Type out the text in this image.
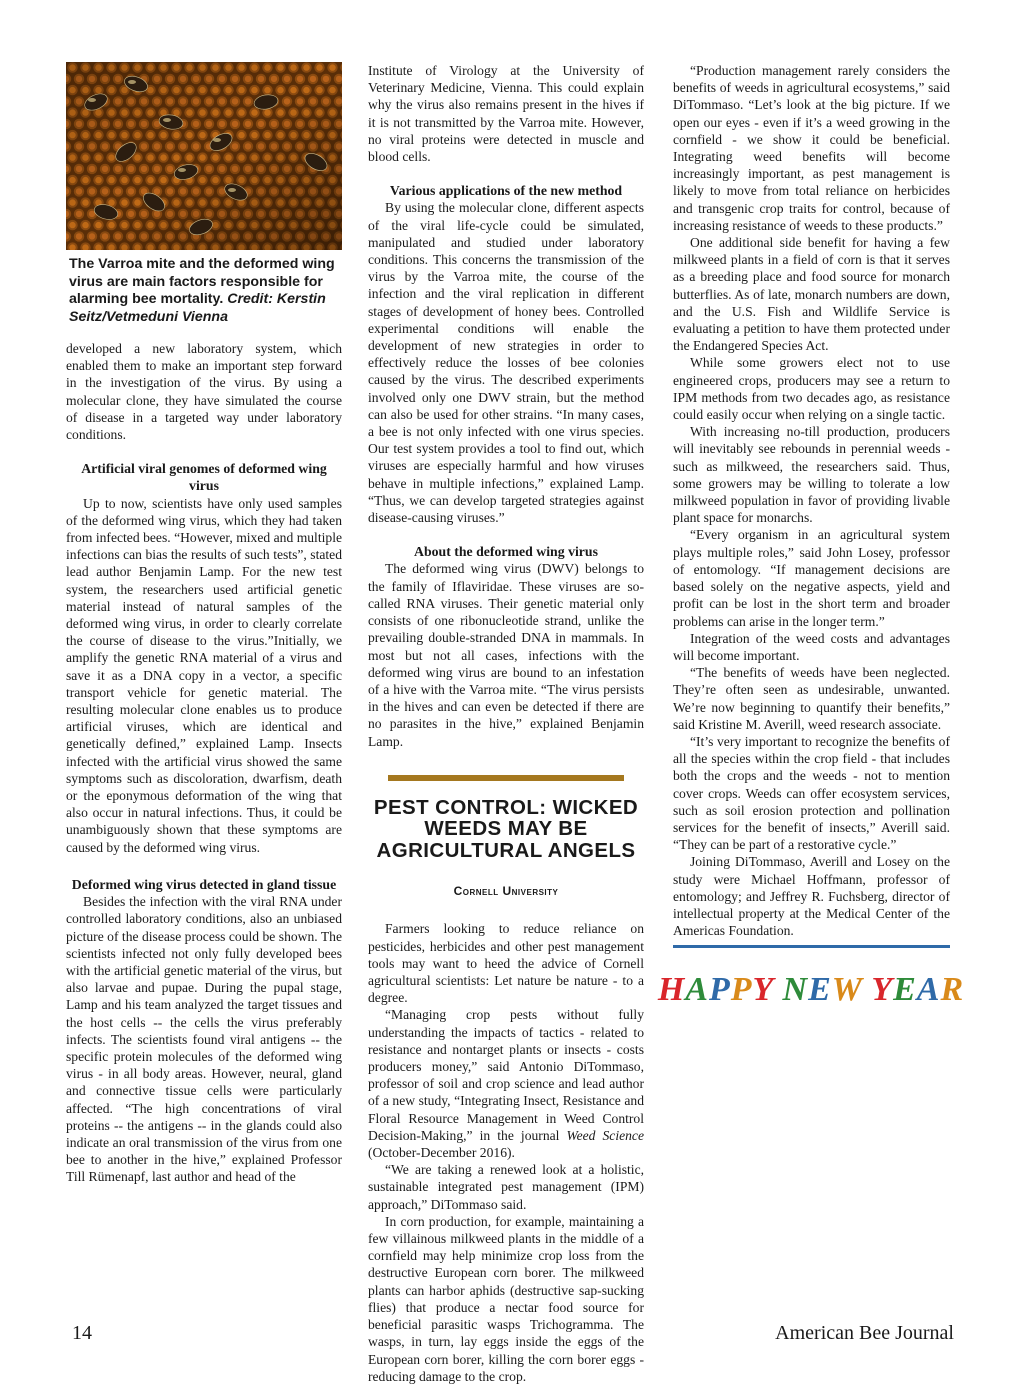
The Varroa mite and the deformed wing virus are main factors responsible for alarming bee mortality. Credit: Kerstin Seitz/Vetmeduni Vienna

developed a new laboratory system, which enabled them to make an important step forward in the investigation of the virus. By using a molecular clone, they have simulated the course of disease in a targeted way under laboratory conditions.

Artificial viral genomes of deformed wing virus

Up to now, scientists have only used samples of the deformed wing virus, which they had taken from infected bees. “However, mixed and multiple infections can bias the results of such tests”, stated lead author Benjamin Lamp. For the new test system, the researchers used artificial genetic material instead of natural samples of the deformed wing virus, in order to clearly correlate the course of disease to the virus.”Initially, we amplify the genetic RNA material of a virus and save it as a DNA copy in a vector, a specific transport vehicle for genetic material. The resulting molecular clone enables us to produce artificial viruses, which are identical and genetically defined,” explained Lamp. Insects infected with the artificial virus showed the same symptoms such as discoloration, dwarfism, death or the eponymous deformation of the wing that also occur in natural infections. Thus, it could be unambiguously shown that these symptoms are caused by the deformed wing virus.

Deformed wing virus detected in gland tissue

Besides the infection with the viral RNA under controlled laboratory conditions, also an unbiased picture of the disease process could be shown. The scientists infected not only fully developed bees with the artificial genetic material of the virus, but also larvae and pupae. During the pupal stage, Lamp and his team analyzed the target tissues and the host cells -- the cells the virus preferably infects. The scientists found viral antigens -- the specific protein molecules of the deformed wing virus - in all body areas. However, neural, gland and connective tissue cells were particularly affected. “The high concentrations of viral proteins -- the antigens -- in the glands could also indicate an oral transmission of the virus from one bee to another in the hive,” explained Professor Till Rümenapf, last author and head of the

Institute of Virology at the University of Veterinary Medicine, Vienna. This could explain why the virus also remains present in the hives if it is not transmitted by the Varroa mite. However, no viral proteins were detected in muscle and blood cells.

Various applications of the new method

By using the molecular clone, different aspects of the viral life-cycle could be simulated, manipulated and studied under laboratory conditions. This concerns the transmission of the virus by the Varroa mite, the course of the infection and the viral replication in different stages of development of honey bees. Controlled experimental conditions will enable the development of new strategies in order to effectively reduce the losses of bee colonies caused by the virus. The described experiments involved only one DWV strain, but the method can also be used for other strains. “In many cases, a bee is not only infected with one virus species. Our test system provides a tool to find out, which viruses are especially harmful and how viruses behave in multiple infections,” explained Lamp. “Thus, we can develop targeted strategies against disease-causing viruses.”

About the deformed wing virus

The deformed wing virus (DWV) belongs to the family of Iflaviridae. These viruses are so-called RNA viruses. Their genetic material only consists of one ribonucleotide strand, unlike the prevailing double-stranded DNA in mammals. In most but not all cases, infections with the deformed wing virus are bound to an infestation of a hive with the Varroa mite. “The virus persists in the hives and can even be detected if there are no parasites in the hive,” explained Benjamin Lamp.

PEST CONTROL: WICKED WEEDS MAY BE AGRICULTURAL ANGELS
Cornell University

Farmers looking to reduce reliance on pesticides, herbicides and other pest management tools may want to heed the advice of Cornell agricultural scientists: Let nature be nature - to a degree.

“Managing crop pests without fully understanding the impacts of tactics - related to resistance and nontarget plants or insects - costs producers money,” said Antonio DiTommaso, professor of soil and crop science and lead author of a new study, “Integrating Insect, Resistance and Floral Resource Management in Weed Control Decision-Making,” in the journal Weed Science (October-December 2016).

“We are taking a renewed look at a holistic, sustainable integrated pest management (IPM) approach,” DiTommaso said.

In corn production, for example, maintaining a few villainous milkweed plants in the middle of a cornfield may help minimize crop loss from the destructive European corn borer. The milkweed plants can harbor aphids (destructive sap-sucking flies) that produce a nectar food source for beneficial parasitic wasps Trichogramma. The wasps, in turn, lay eggs inside the eggs of the European corn borer, killing the corn borer eggs - reducing damage to the crop.

“Production management rarely considers the benefits of weeds in agricultural ecosystems,” said DiTommaso. “Let’s look at the big picture. If we open our eyes - even if it’s a weed growing in the cornfield - we show it could be beneficial. Integrating weed benefits will become increasingly important, as pest management is likely to move from total reliance on herbicides and transgenic crop traits for control, because of increasing resistance of weeds to these products.”

One additional side benefit for having a few milkweed plants in a field of corn is that it serves as a breeding place and food source for monarch butterflies. As of late, monarch numbers are down, and the U.S. Fish and Wildlife Service is evaluating a petition to have them protected under the Endangered Species Act.

While some growers elect not to use engineered crops, producers may see a return to IPM methods from two decades ago, as resistance could easily occur when relying on a single tactic.

With increasing no-till production, producers will inevitably see rebounds in perennial weeds - such as milkweed, the researchers said. Thus, some growers may be willing to tolerate a low milkweed population in favor of providing livable plant space for monarchs.

“Every organism in an agricultural system plays multiple roles,” said John Losey, professor of entomology. “If management decisions are based solely on the negative aspects, yield and profit can be lost in the short term and broader problems can arise in the longer term.”

Integration of the weed costs and advantages will become important.

“The benefits of weeds have been neglected. They’re often seen as undesirable, unwanted. We’re now beginning to quantify their benefits,” said Kristine M. Averill, weed research associate.

“It’s very important to recognize the benefits of all the species within the crop field - that includes both the crops and the weeds - not to mention cover crops. Weeds can offer ecosystem services, such as soil erosion protection and pollination services for the benefit of insects,” Averill said. “They can be part of a restorative cycle.”

Joining DiTommaso, Averill and Losey on the study were Michael Hoffmann, professor of entomology; and Jeffrey R. Fuchsberg, director of intellectual property at the Medical Center of the Americas Foundation.

HAPPY NEW YEAR
14	American Bee Journal
